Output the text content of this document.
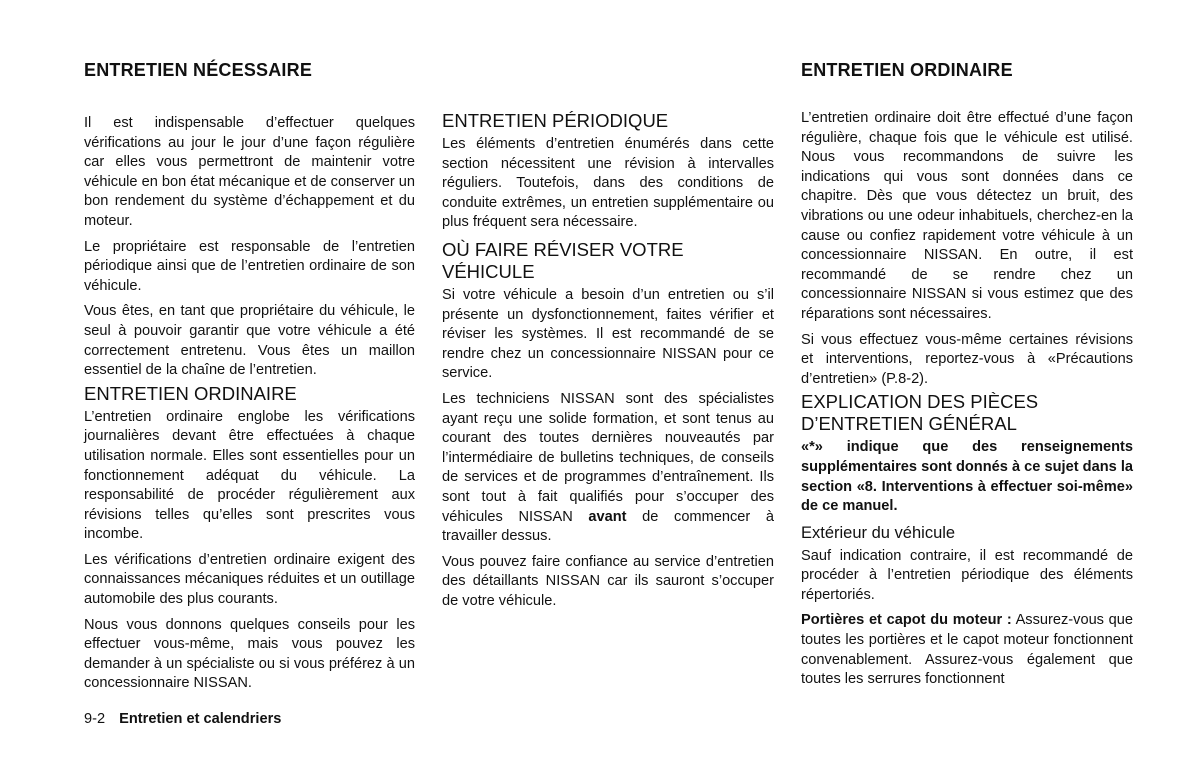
ENTRETIEN NÉCESSAIRE	ENTRETIEN ORDINAIRE

Il est indispensable d’effectuer quelques vérifications au jour le jour d’une façon régulière car elles vous permettront de maintenir votre véhicule en bon état mécanique et de conserver un bon rendement du système d’échappement et du moteur.

Le propriétaire est responsable de l’entretien périodique ainsi que de l’entretien ordinaire de son véhicule.

Vous êtes, en tant que propriétaire du véhicule, le seul à pouvoir garantir que votre véhicule a été correctement entretenu. Vous êtes un maillon essentiel de la chaîne de l’entretien.

ENTRETIEN ORDINAIRE

L’entretien ordinaire englobe les vérifications journalières devant être effectuées à chaque utilisation normale. Elles sont essentielles pour un fonctionnement adéquat du véhicule. La responsabilité de procéder régulièrement aux révisions telles qu’elles sont prescrites vous incombe.

Les vérifications d’entretien ordinaire exigent des connaissances mécaniques réduites et un outillage automobile des plus courants.

Nous vous donnons quelques conseils pour les effectuer vous-même, mais vous pouvez les demander à un spécialiste ou si vous préférez à un concessionnaire NISSAN.

ENTRETIEN PÉRIODIQUE

Les éléments d’entretien énumérés dans cette section nécessitent une révision à intervalles réguliers. Toutefois, dans des conditions de conduite extrêmes, un entretien supplémentaire ou plus fréquent sera nécessaire.

OÙ FAIRE RÉVISER VOTRE VÉHICULE

Si votre véhicule a besoin d’un entretien ou s’il présente un dysfonctionnement, faites vérifier et réviser les systèmes. Il est recommandé de se rendre chez un concessionnaire NISSAN pour ce service.

Les techniciens NISSAN sont des spécialistes ayant reçu une solide formation, et sont tenus au courant des toutes dernières nouveautés par l’intermédiaire de bulletins techniques, de conseils de services et de programmes d’entraînement. Ils sont tout à fait qualifiés pour s’occuper des véhicules NISSAN avant de commencer à travailler dessus.

Vous pouvez faire confiance au service d’entretien des détaillants NISSAN car ils sauront s’occuper de votre véhicule.

L’entretien ordinaire doit être effectué d’une façon régulière, chaque fois que le véhicule est utilisé. Nous vous recommandons de suivre les indications qui vous sont données dans ce chapitre. Dès que vous détectez un bruit, des vibrations ou une odeur inhabituels, cherchez-en la cause ou confiez rapidement votre véhicule à un concessionnaire NISSAN. En outre, il est recommandé de se rendre chez un concessionnaire NISSAN si vous estimez que des réparations sont nécessaires.

Si vous effectuez vous-même certaines révisions et interventions, reportez-vous à «Précautions d’entretien» (P.8-2).

EXPLICATION DES PIÈCES D’ENTRETIEN GÉNÉRAL

«*» indique que des renseignements supplémentaires sont donnés à ce sujet dans la section «8. Interventions à effectuer soi-même» de ce manuel.

Extérieur du véhicule

Sauf indication contraire, il est recommandé de procéder à l’entretien périodique des éléments répertoriés.

Portières et capot du moteur : Assurez-vous que toutes les portières et le capot moteur fonctionnent convenablement. Assurez-vous également que toutes les serrures fonctionnent

9-2 Entretien et calendriers
